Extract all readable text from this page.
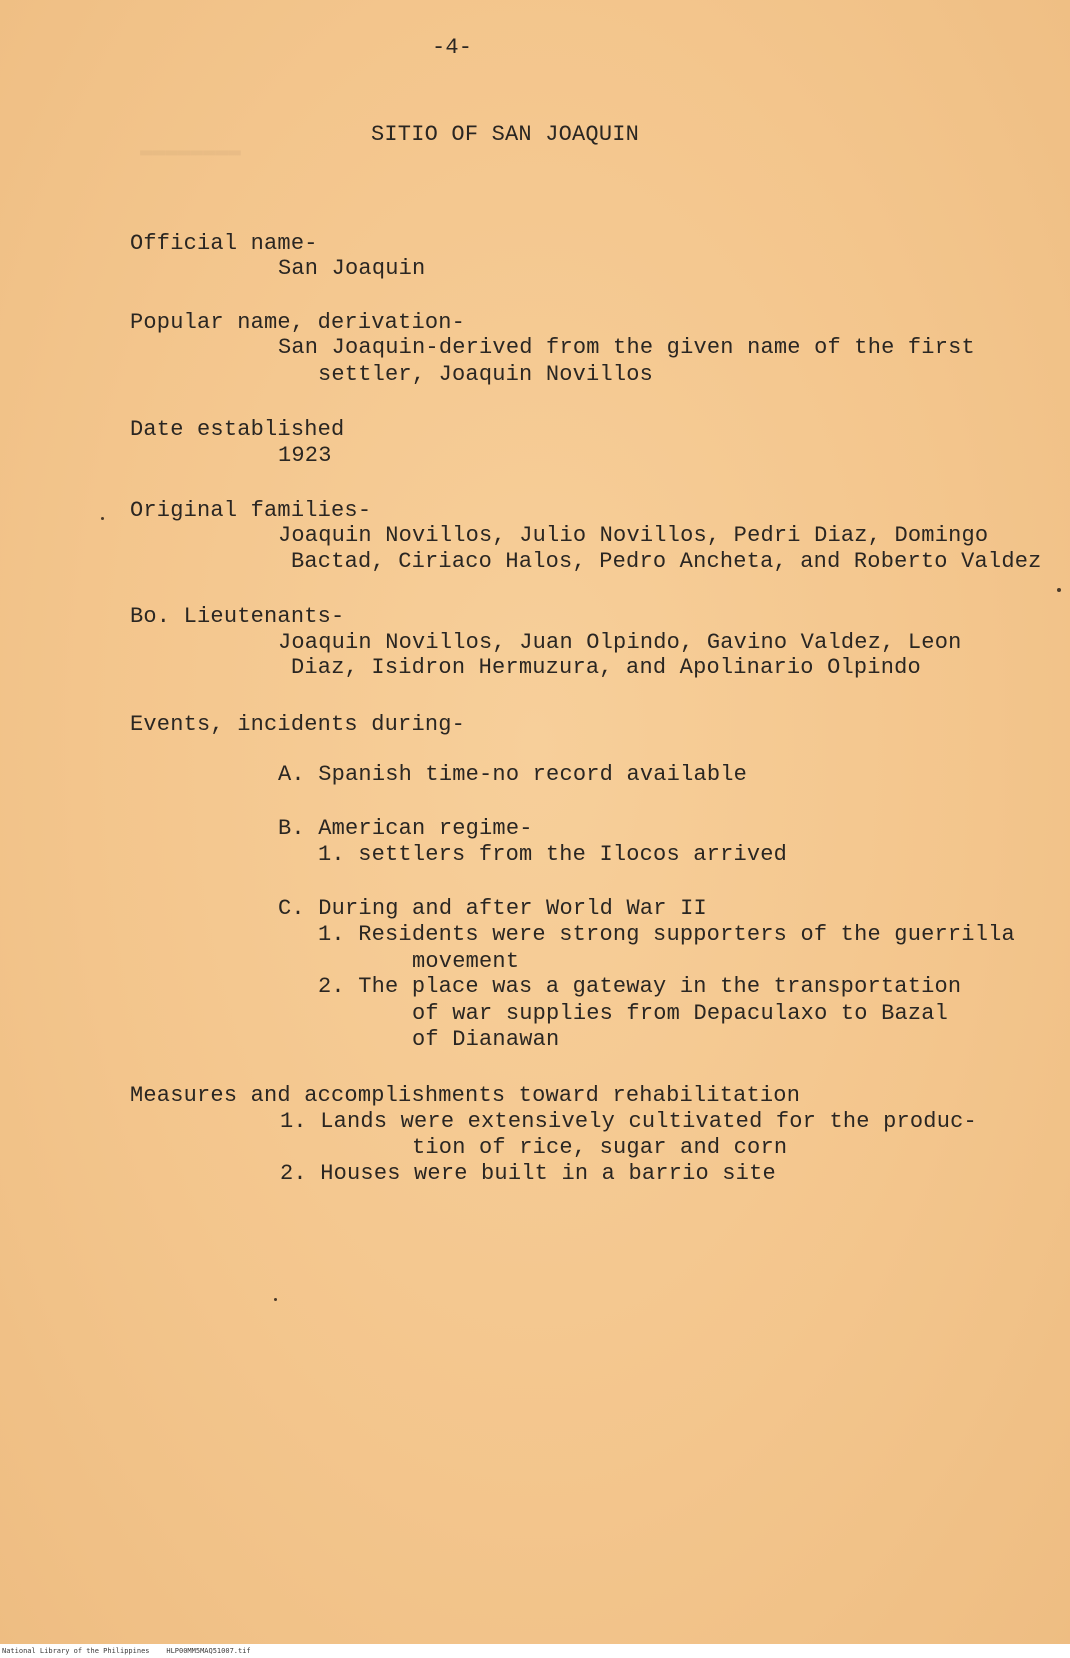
-4-
SITIO OF SAN JOAQUIN
Official name-
San Joaquin
Popular name, derivation-
San Joaquin-derived from the given name of the first
settler, Joaquin Novillos
Date established
1923
Original families-
Joaquin Novillos, Julio Novillos, Pedri Diaz, Domingo
Bactad, Ciriaco Halos, Pedro Ancheta, and Roberto Valdez
Bo. Lieutenants-
Joaquin Novillos, Juan Olpindo, Gavino Valdez, Leon
Diaz, Isidron Hermuzura, and Apolinario Olpindo
Events, incidents during-
A. Spanish time-no record available
B. American regime-
1. settlers from the Ilocos arrived
C. During and after World War II
1. Residents were strong supporters of the guerrilla
movement
2. The place was a gateway in the transportation
of war supplies from Depaculaxo to Bazal
of Dianawan
Measures and accomplishments toward rehabilitation
1. Lands were extensively cultivated for the produc-
tion of rice, sugar and corn
2. Houses were built in a barrio site
National Library of the Philippines    HLP00MM5MAQ51007.tif
